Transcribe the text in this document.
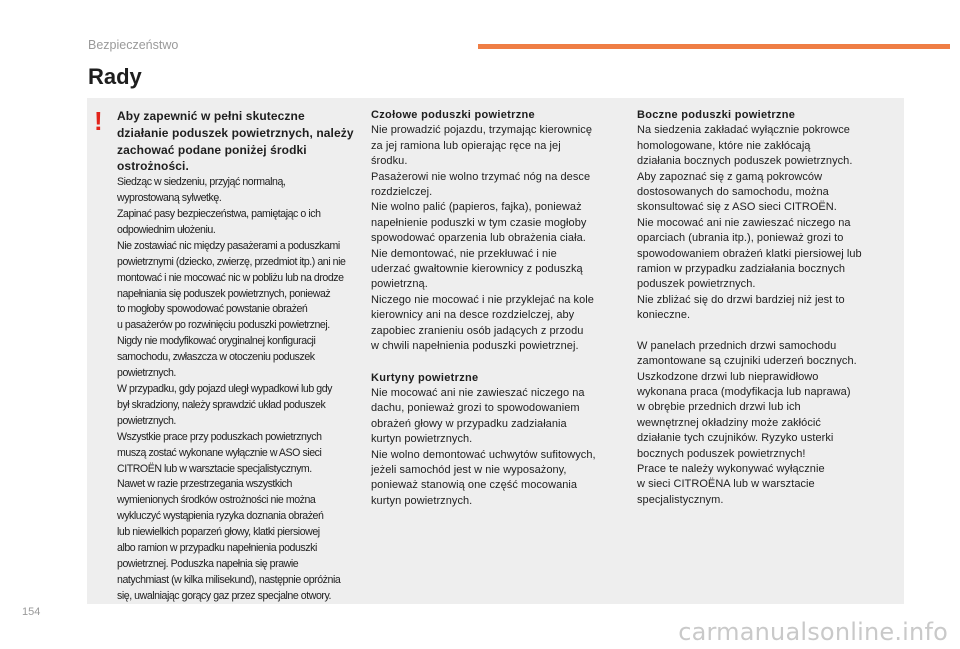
Bezpieczeństwo
Rady
! Aby zapewnić w pełni skuteczne działanie poduszek powietrznych, należy zachować podane poniżej środki ostrożności.
Siedząc w siedzeniu, przyjąć normalną,
wyprostowaną sylwetkę.
Zapinać pasy bezpieczeństwa, pamiętając o ich
odpowiednim ułożeniu.
Nie zostawiać nic między pasażerami a poduszkami
powietrznymi (dziecko, zwierzę, przedmiot itp.) ani nie
montować i nie mocować nic w pobliżu lub na drodze
napełniania się poduszek powietrznych, ponieważ
to mogłoby spowodować powstanie obrażeń
u pasażerów po rozwinięciu poduszki powietrznej.
Nigdy nie modyfikować oryginalnej konfiguracji
samochodu, zwłaszcza w otoczeniu poduszek
powietrznych.
W przypadku, gdy pojazd uległ wypadkowi lub gdy
był skradziony, należy sprawdzić układ poduszek
powietrznych.
Wszystkie prace przy poduszkach powietrznych
muszą zostać wykonane wyłącznie w ASO sieci
CITROËN lub w warsztacie specjalistycznym.
Nawet w razie przestrzegania wszystkich
wymienionych środków ostrożności nie można
wykluczyć wystąpienia ryzyka doznania obrażeń
lub niewielkich poparzeń głowy, klatki piersiowej
albo ramion w przypadku napełnienia poduszki
powietrznej. Poduszka napełnia się prawie
natychmiast (w kilka milisekund), następnie opróżnia
się, uwalniając gorący gaz przez specjalne otwory.
Czołowe poduszki powietrzne
Nie prowadzić pojazdu, trzymając kierownicę
za jej ramiona lub opierając ręce na jej
środku.
Pasażerowi nie wolno trzymać nóg na desce
rozdzielczej.
Nie wolno palić (papieros, fajka), ponieważ
napełnienie poduszki w tym czasie mogłoby
spowodować oparzenia lub obrażenia ciała.
Nie demontować, nie przekłuwać i nie
uderzać gwałtownie kierownicy z poduszką
powietrzną.
Niczego nie mocować i nie przyklejać na kole
kierownicy ani na desce rozdzielczej, aby
zapobiec zranieniu osób jadących z przodu
w chwili napełnienia poduszki powietrznej.
Kurtyny powietrzne
Nie mocować ani nie zawieszać niczego na
dachu, ponieważ grozi to spowodowaniem
obrażeń głowy w przypadku zadziałania
kurtyn powietrznych.
Nie wolno demontować uchwytów sufitowych,
jeżeli samochód jest w nie wyposażony,
ponieważ stanowią one część mocowania
kurtyn powietrznych.
Boczne poduszki powietrzne
Na siedzenia zakładać wyłącznie pokrowce
homologowane, które nie zakłócają
działania bocznych poduszek powietrznych.
Aby zapoznać się z gamą pokrowców
dostosowanych do samochodu, można
skonsultować się z ASO sieci CITROËN.
Nie mocować ani nie zawieszać niczego na
oparciach (ubrania itp.), ponieważ grozi to
spowodowaniem obrażeń klatki piersiowej lub
ramion w przypadku zadziałania bocznych
poduszek powietrznych.
Nie zbliżać się do drzwi bardziej niż jest to
konieczne.
W panelach przednich drzwi samochodu
zamontowane są czujniki uderzeń bocznych.
Uszkodzone drzwi lub nieprawidłowo
wykonana praca (modyfikacja lub naprawa)
w obrębie przednich drzwi lub ich
wewnętrznej okładziny może zakłócić
działanie tych czujników. Ryzyko usterki
bocznych poduszek powietrznych!
Prace te należy wykonywać wyłącznie
w sieci CITROËNA lub w warsztacie
specjalistycznym.
154
carmanualsonline.info
